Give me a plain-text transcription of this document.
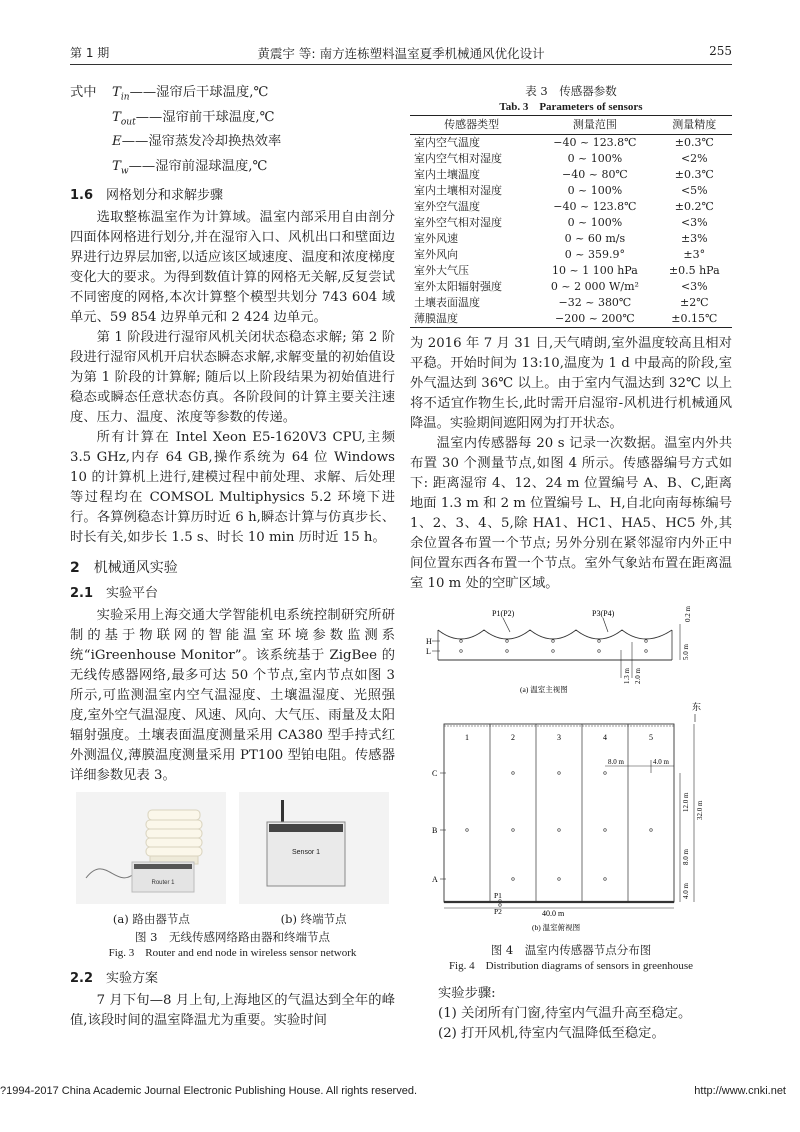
第 1 期	黄震宇 等: 南方连栋塑料温室夏季机械通风优化设计	255
式中 $T_{in}——$湿帘后干球温度,℃
$T_{out}——$湿帘前干球温度,℃
E——湿帘蒸发冷却换热效率
$T_w——$湿帘前湿球温度,℃
1.6　 网格划分和求解步骤

选取整栋温室作为计算域。温室内部采用自由剖分四面体网格进行划分,并在湿帘入口、风机出口和壁面边界进行边界层加密,以适应该区域速度、温度和浓度梯度变化大的要求。为得到数值计算的网格无关解,反复尝试不同密度的网格,本次计算整个模型共划分 743 604 域单元、59 854 边界单元和 2 424 边单元。

第 1 阶段进行湿帘风机关闭状态稳态求解; 第 2 阶段进行湿帘风机开启状态瞬态求解,求解变量的初始值设为第 1 阶段的计算解; 随后以上阶段结果为初始值进行稳态或瞬态任意状态仿真。各阶段间的计算主要关注速度、压力、温度、浓度等参数的传递。

所有计算在 Intel Xeon E5-1620V3 CPU,主频 3.5 GHz,内存 64 GB,操作系统为 64 位 Windows 10 的计算机上进行,建模过程中前处理、求解、后处理等过程均在 COMSOL Multiphysics 5.2 环境下进行。各算例稳态计算历时近 6 h,瞬态计算与仿真步长、时长有关,如步长 1.5 s、时长 10 min 历时近 15 h。

2　 机械通风实验
2.1　 实验平台

实验采用上海交通大学智能机电系统控制研究所研制的基于物联网的智能温室环境参数监测系统“iGreenhouse Monitor”。该系统基于 ZigBee 的无线传感器网络,最多可达 50 个节点,室内节点如图 3 所示,可监测温室内空气温湿度、土壤温湿度、光照强度,室外空气温湿度、风速、风向、大气压、雨量及太阳辐射强度。土壤表面温度测量采用 CA380 型手持式红外测温仪,薄膜温度测量采用 PT100 型铂电阻。传感器详细参数见表 3。

Router 1
(a) 路由器节点

Sensor 1
(b) 终端节点
图 3　无线传感网络路由器和终端节点
Fig. 3　Router and end node in wireless sensor network
2.2　 实验方案

7 月下旬—8 月上旬,上海地区的气温达到全年的峰值,该段时间的温室降温尤为重要。实验时间

表 3　传感器参数
Tab. 3　Parameters of sensors
传感器类型	测量范围	测量精度
室内空气温度	−40 ~ 123.8℃	±0.3℃
室内空气相对湿度	0 ~ 100%	<2%
室内土壤温度	−40 ~ 80℃	±0.3℃
室内土壤相对湿度	0 ~ 100%	<5%
室外空气温度	−40 ~ 123.8℃	±0.2℃
室外空气相对湿度	0 ~ 100%	<3%
室外风速	0 ~ 60 m/s	±3%
室外风向	0 ~ 359.9°	±3°
室外大气压	10 ~ 1 100 hPa	±0.5 hPa
室外太阳辐射强度	0 ~ 2 000 W/m²	<3%
土壤表面温度	−32 ~ 380℃	±2℃
薄膜温度	−200 ~ 200℃	±0.15℃

为 2016 年 7 月 31 日,天气晴朗,室外温度较高且相对平稳。开始时间为 13:10,温度为 1 d 中最高的阶段,室外气温达到 36℃ 以上。由于室内气温达到 32℃ 以上将不适宜作物生长,此时需开启湿帘-风机进行机械通风降温。实验期间遮阳网为打开状态。

温室内传感器每 20 s 记录一次数据。温室内外共布置 30 个测量节点,如图 4 所示。传感器编号方式如下: 距离湿帘 4、12、24 m 位置编号 A、B、C,距离地面 1.3 m 和 2 m 位置编号 L、H,自北向南每栋编号 1、2、3、4、5,除 HA1、HC1、HA5、HC5 外,其余位置各布置一个节点; 另外分别在紧邻湿帘内外正中间位置东西各布置一个节点。室外气象站布置在距离温室 10 m 处的空旷区域。

P1(P2)	P3(P4)
H
L
0.2 m
5.0 m
1.3 m 2.0 m
(a) 温室主视图
东
1	2	3	4	5
C
B
A
8.0 m	4.0 m
12.0 m 32.0 m
8.0 m
4.0 m
P1
P2	40.0 m
(b) 温室俯视图
图 4　温室内传感器节点分布图
Fig. 4　Distribution diagrams of sensors in greenhouse
实验步骤:
(1) 关闭所有门窗,待室内气温升高至稳定。
(2) 打开风机,待室内气温降低至稳定。
?1994-2017 China Academic Journal Electronic Publishing House. All rights reserved.	http://www.cnki.net
